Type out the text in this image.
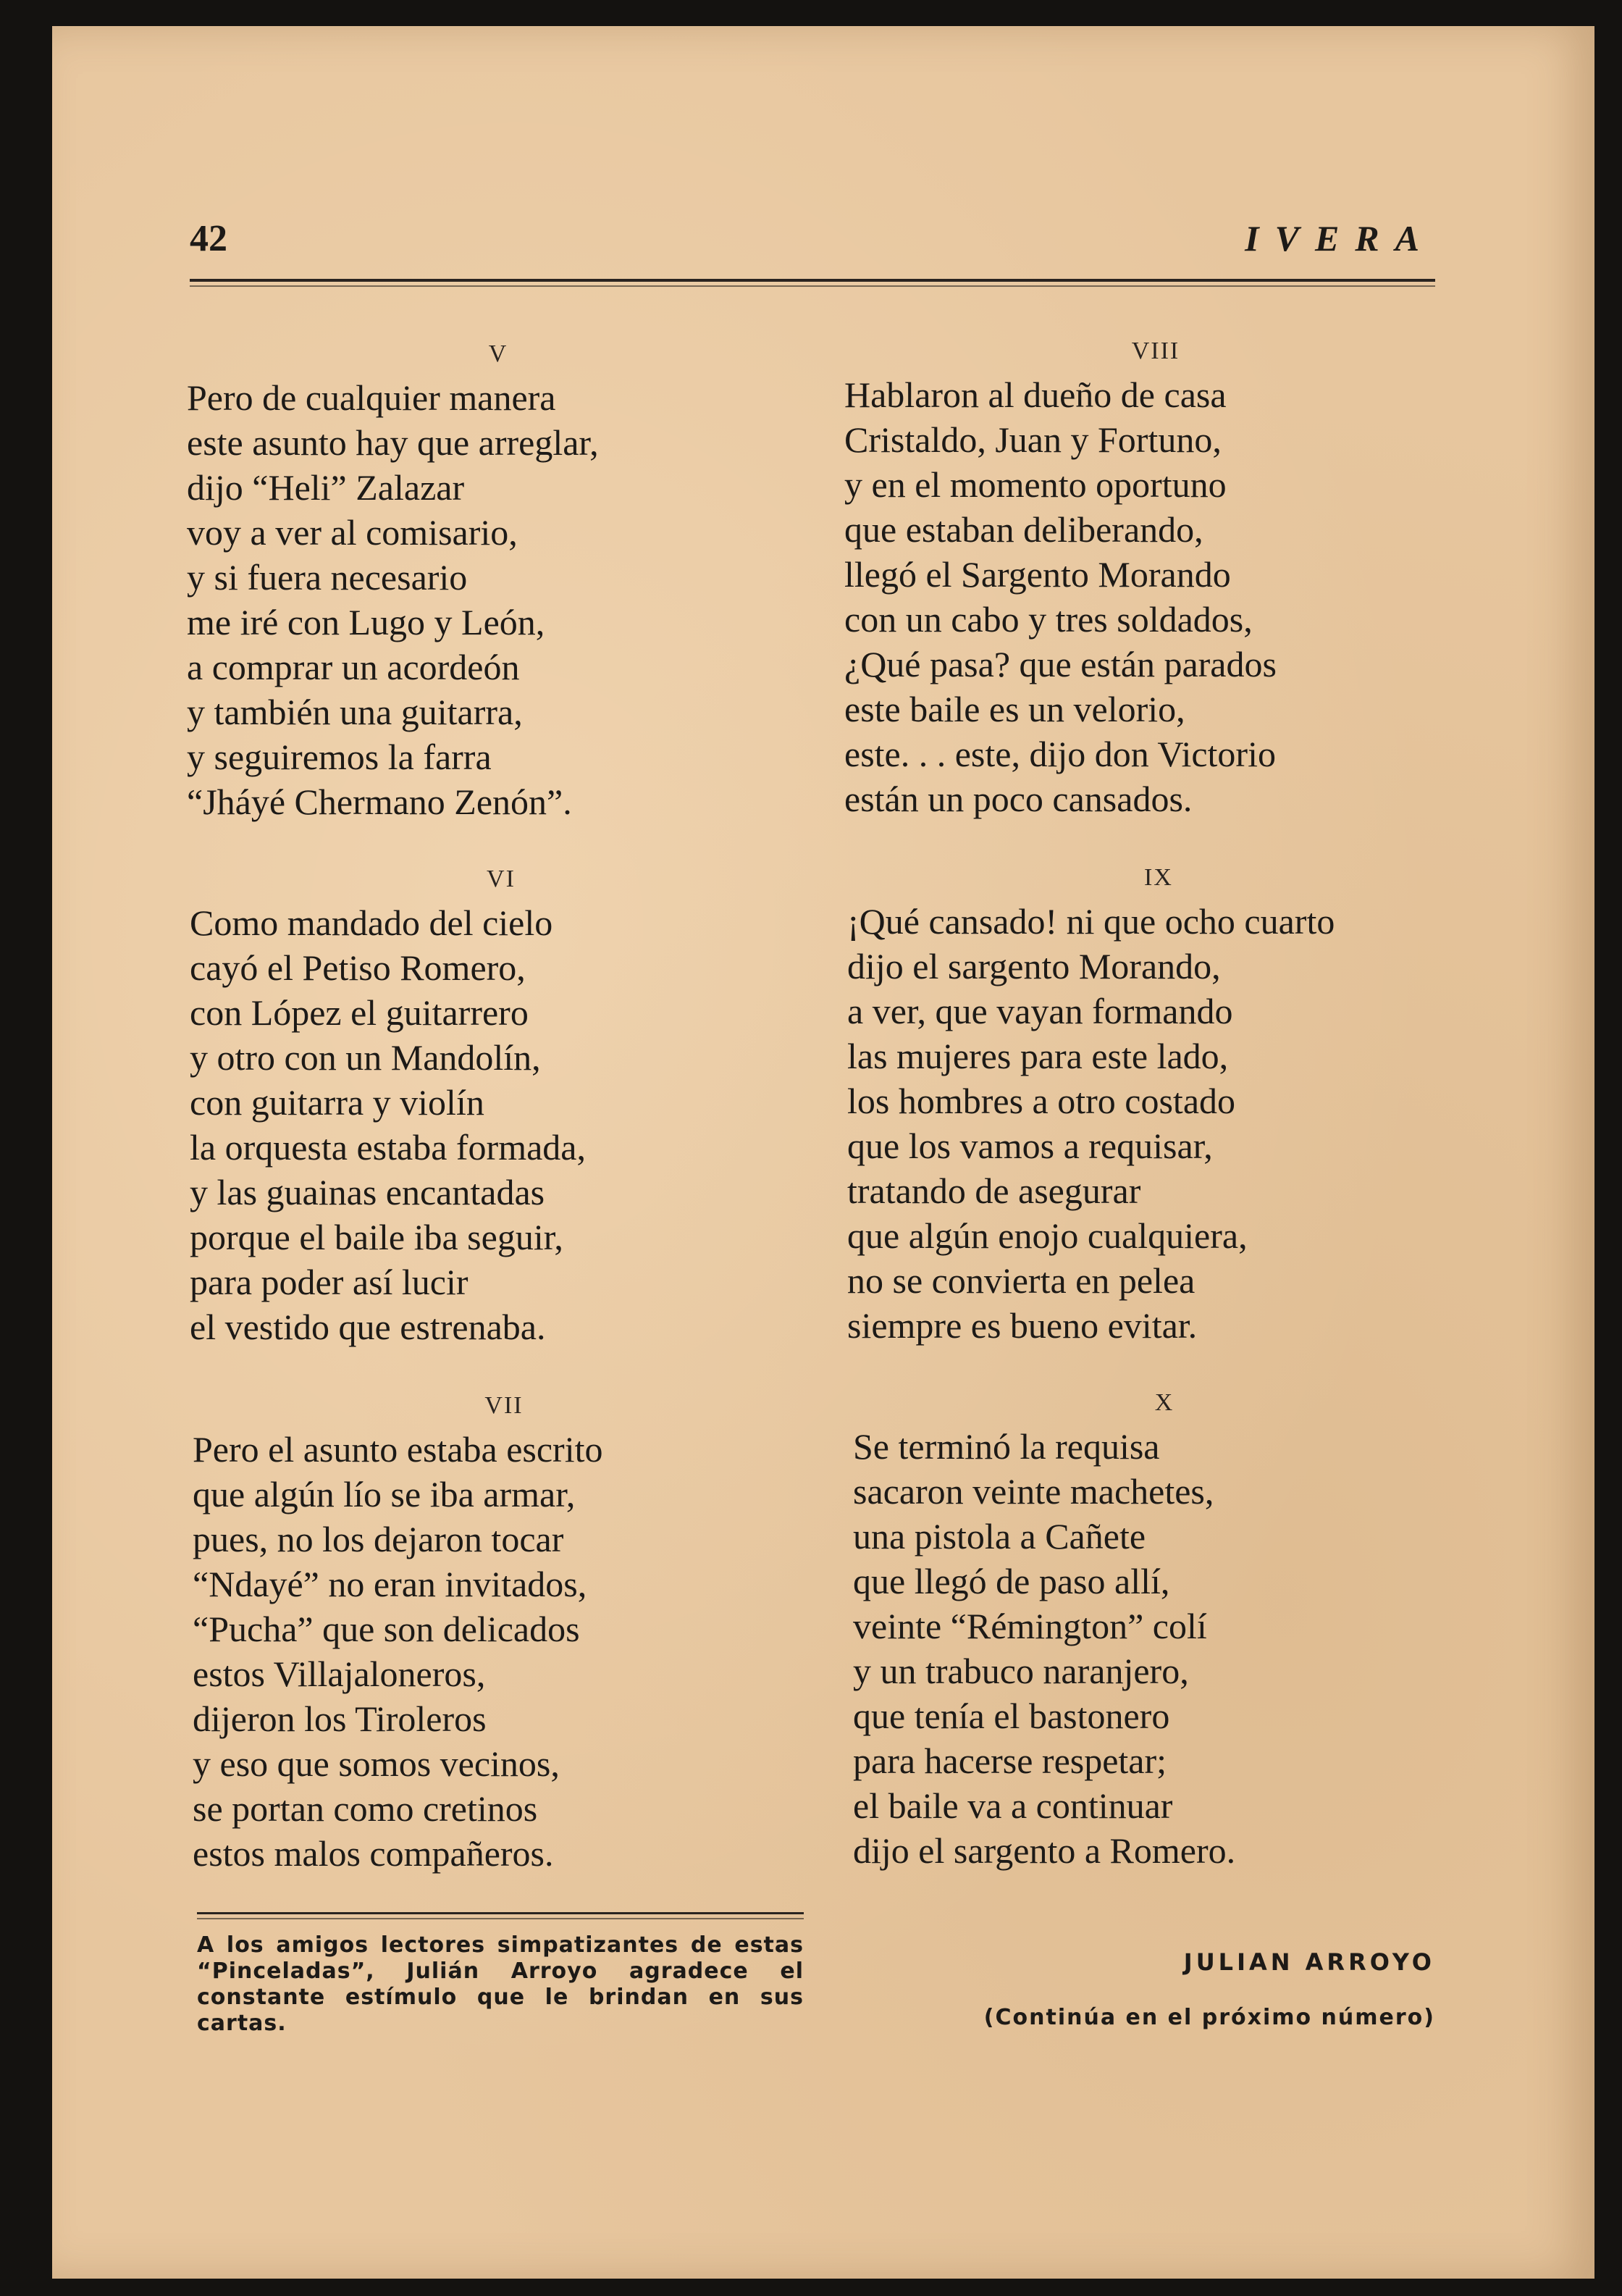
42	IVERA
V
Pero de cualquier manera
este asunto hay que arreglar,
dijo “Heli” Zalazar
voy a ver al comisario,
y si fuera necesario
me iré con Lugo y León,
a comprar un acordeón
y también una guitarra,
y seguiremos la farra
“Jháyé Chermano Zenón”.
VI
Como mandado del cielo
cayó el Petiso Romero,
con López el guitarrero
y otro con un Mandolín,
con guitarra y violín
la orquesta estaba formada,
y las guainas encantadas
porque el baile iba seguir,
para poder así lucir
el vestido que estrenaba.
VII
Pero el asunto estaba escrito
que algún lío se iba armar,
pues, no los dejaron tocar
“Ndayé” no eran invitados,
“Pucha” que son delicados
estos Villajaloneros,
dijeron los Tiroleros
y eso que somos vecinos,
se portan como cretinos
estos malos compañeros.
VIII
Hablaron al dueño de casa
Cristaldo, Juan y Fortuno,
y en el momento oportuno
que estaban deliberando,
llegó el Sargento Morando
con un cabo y tres soldados,
¿Qué pasa? que están parados
este baile es un velorio,
este. . . este, dijo don Victorio
están un poco cansados.
IX
¡Qué cansado! ni que ocho cuarto
dijo el sargento Morando,
a ver, que vayan formando
las mujeres para este lado,
los hombres a otro costado
que los vamos a requisar,
tratando de asegurar
que algún enojo cualquiera,
no se convierta en pelea
siempre es bueno evitar.
X
Se terminó la requisa
sacaron veinte machetes,
una pistola a Cañete
que llegó de paso allí,
veinte “Rémington” colí
y un trabuco naranjero,
que tenía el bastonero
para hacerse respetar;
el baile va a continuar
dijo el sargento a Romero.
A los amigos lectores simpatizantes de estas “Pinceladas”, Julián Arroyo agradece el constante estímulo que le brindan en sus cartas.
JULIAN ARROYO
(Continúa en el próximo número)
